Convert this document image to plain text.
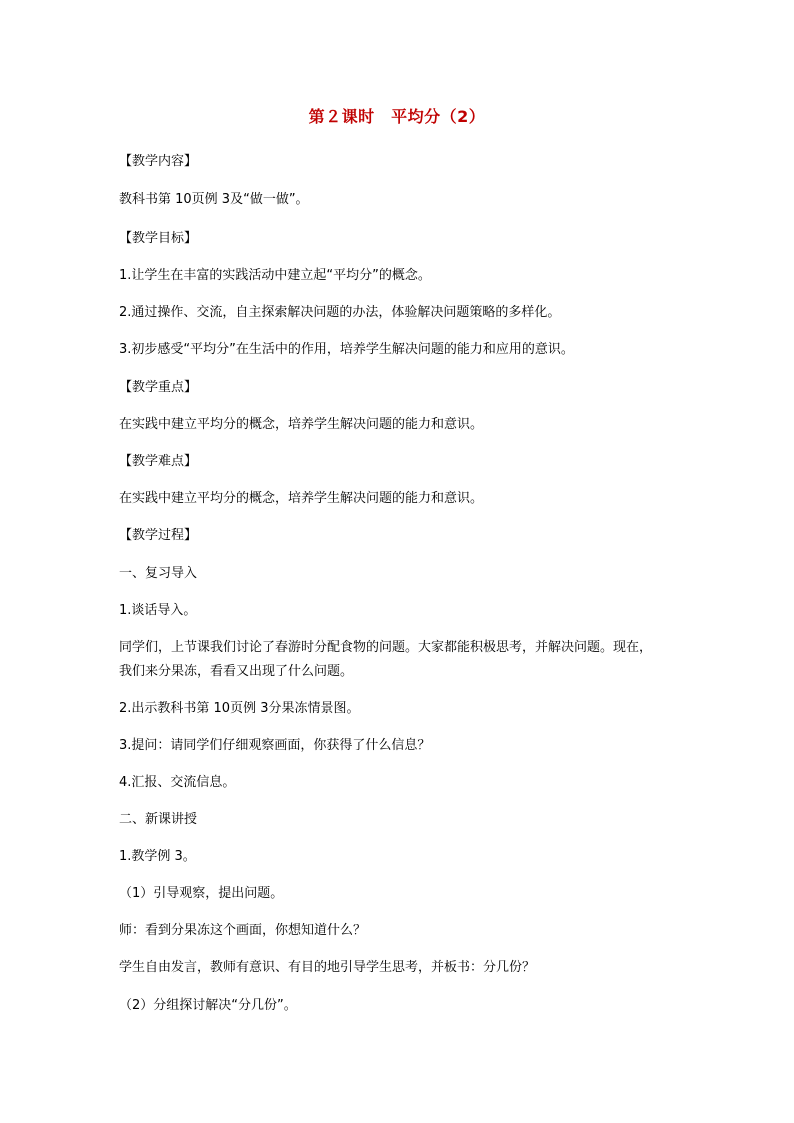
第２课时　平均分（2）
【教学内容】
教科书第 10页例 3及“做一做”。
【教学目标】
1.让学生在丰富的实践活动中建立起“平均分”的概念。
2.通过操作、交流，自主探索解决问题的办法，体验解决问题策略的多样化。
3.初步感受“平均分”在生活中的作用，培养学生解决问题的能力和应用的意识。
【教学重点】
在实践中建立平均分的概念，培养学生解决问题的能力和意识。
【教学难点】
在实践中建立平均分的概念，培养学生解决问题的能力和意识。
【教学过程】
一、复习导入
1.谈话导入。
同学们，上节课我们讨论了春游时分配食物的问题。大家都能积极思考，并解决问题。现在，
我们来分果冻，看看又出现了什么问题。
2.出示教科书第 10页例 3分果冻情景图。
3.提问：请同学们仔细观察画面，你获得了什么信息？
4.汇报、交流信息。
二、新课讲授
1.教学例 3。
（1）引导观察，提出问题。
师：看到分果冻这个画面，你想知道什么？
学生自由发言，教师有意识、有目的地引导学生思考，并板书：分几份？
（2）分组探讨解决“分几份”。
